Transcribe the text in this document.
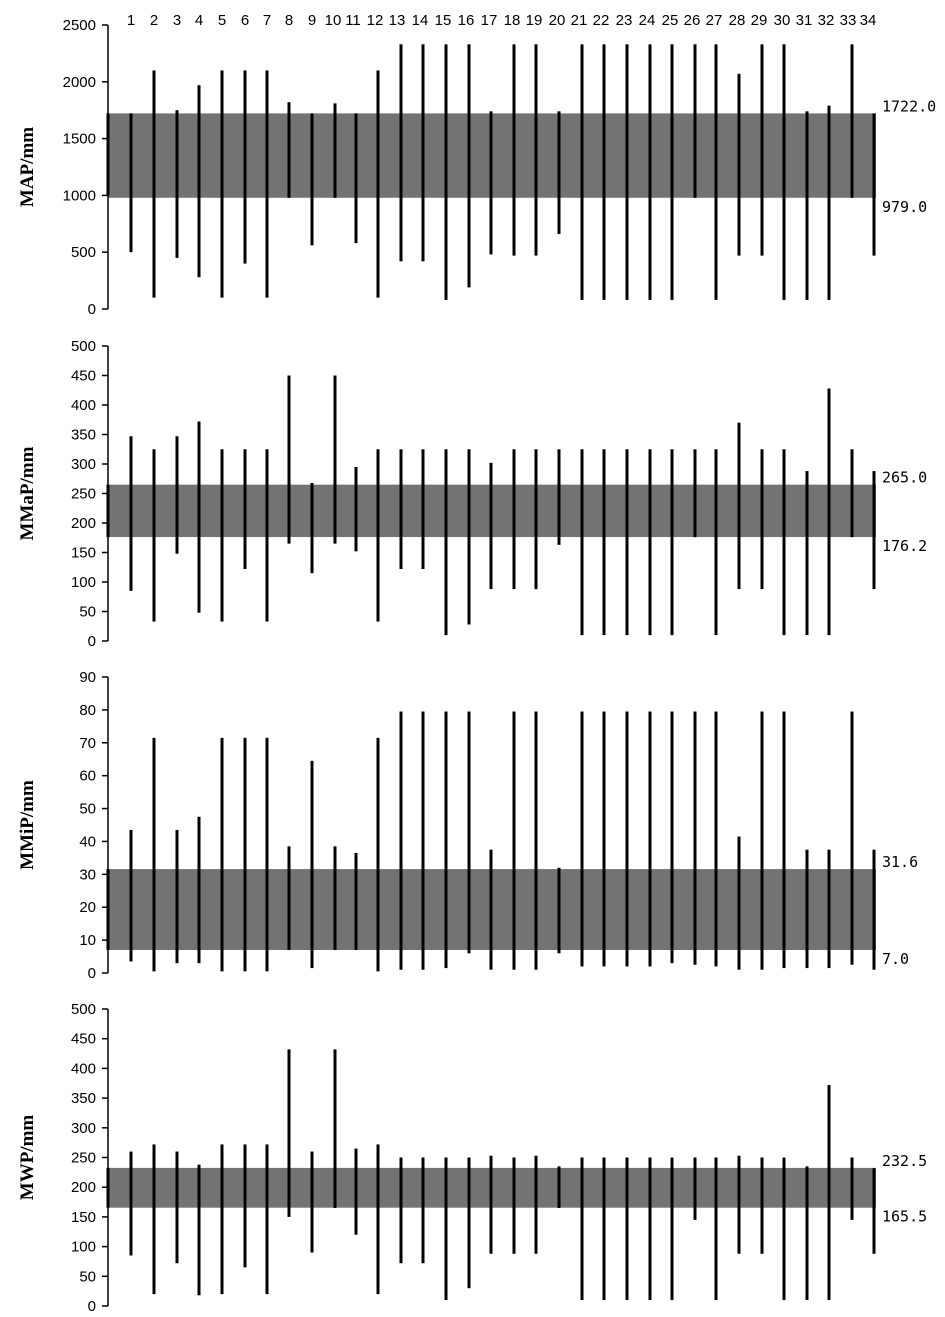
1 2 3 4 5 6 7 8 9 10 11 12 13 14 15 16 17 18 19 20 21 22 23 24 25 26 27 28 29 30 31 32 33 34
0
500
1000
1500
2000
2500
MAP/mm
1722.0
979.0
0
50
100
150
200
250
300
350
400
450
500
MMaP/mm	265.0
176.2
0
10
20
30
40
50
60
70
80
90
MMiP/mm	31.6
7.0
0
50
100
150
200
250
300
350
400
450
500
MWP/mm	232.5
165.5
